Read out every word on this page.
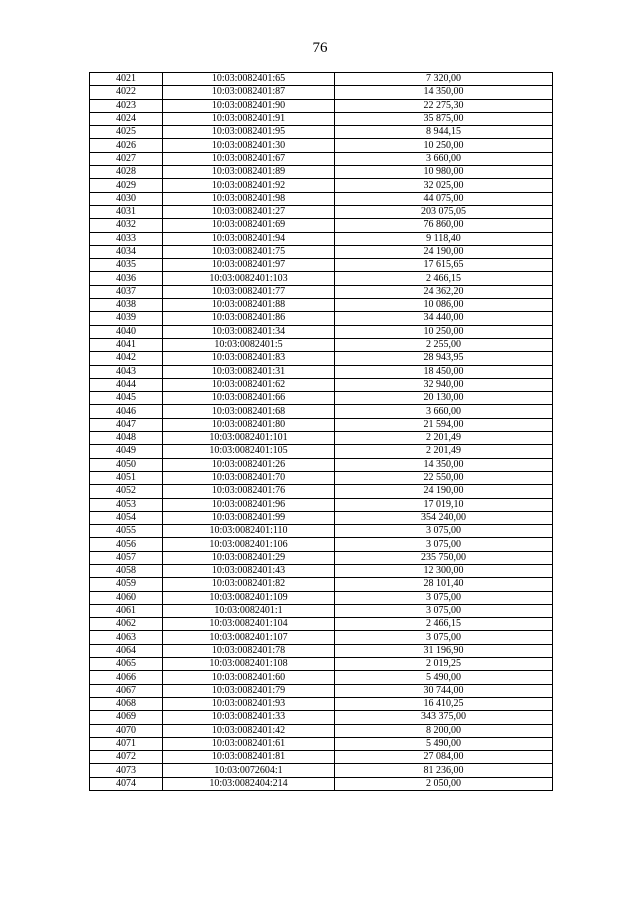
76
4021	10:03:0082401:65	7 320,00
4022	10:03:0082401:87	14 350,00
4023	10:03:0082401:90	22 275,30
4024	10:03:0082401:91	35 875,00
4025	10:03:0082401:95	8 944,15
4026	10:03:0082401:30	10 250,00
4027	10:03:0082401:67	3 660,00
4028	10:03:0082401:89	10 980,00
4029	10:03:0082401:92	32 025,00
4030	10:03:0082401:98	44 075,00
4031	10:03:0082401:27	203 075,05
4032	10:03:0082401:69	76 860,00
4033	10:03:0082401:94	9 118,40
4034	10:03:0082401:75	24 190,00
4035	10:03:0082401:97	17 615,65
4036	10:03:0082401:103	2 466,15
4037	10:03:0082401:77	24 362,20
4038	10:03:0082401:88	10 086,00
4039	10:03:0082401:86	34 440,00
4040	10:03:0082401:34	10 250,00
4041	10:03:0082401:5	2 255,00
4042	10:03:0082401:83	28 943,95
4043	10:03:0082401:31	18 450,00
4044	10:03:0082401:62	32 940,00
4045	10:03:0082401:66	20 130,00
4046	10:03:0082401:68	3 660,00
4047	10:03:0082401:80	21 594,00
4048	10:03:0082401:101	2 201,49
4049	10:03:0082401:105	2 201,49
4050	10:03:0082401:26	14 350,00
4051	10:03:0082401:70	22 550,00
4052	10:03:0082401:76	24 190,00
4053	10:03:0082401:96	17 019,10
4054	10:03:0082401:99	354 240,00
4055	10:03:0082401:110	3 075,00
4056	10:03:0082401:106	3 075,00
4057	10:03:0082401:29	235 750,00
4058	10:03:0082401:43	12 300,00
4059	10:03:0082401:82	28 101,40
4060	10:03:0082401:109	3 075,00
4061	10:03:0082401:1	3 075,00
4062	10:03:0082401:104	2 466,15
4063	10:03:0082401:107	3 075,00
4064	10:03:0082401:78	31 196,90
4065	10:03:0082401:108	2 019,25
4066	10:03:0082401:60	5 490,00
4067	10:03:0082401:79	30 744,00
4068	10:03:0082401:93	16 410,25
4069	10:03:0082401:33	343 375,00
4070	10:03:0082401:42	8 200,00
4071	10:03:0082401:61	5 490,00
4072	10:03:0082401:81	27 084,00
4073	10:03:0072604:1	81 236,00
4074	10:03:0082404:214	2 050,00
